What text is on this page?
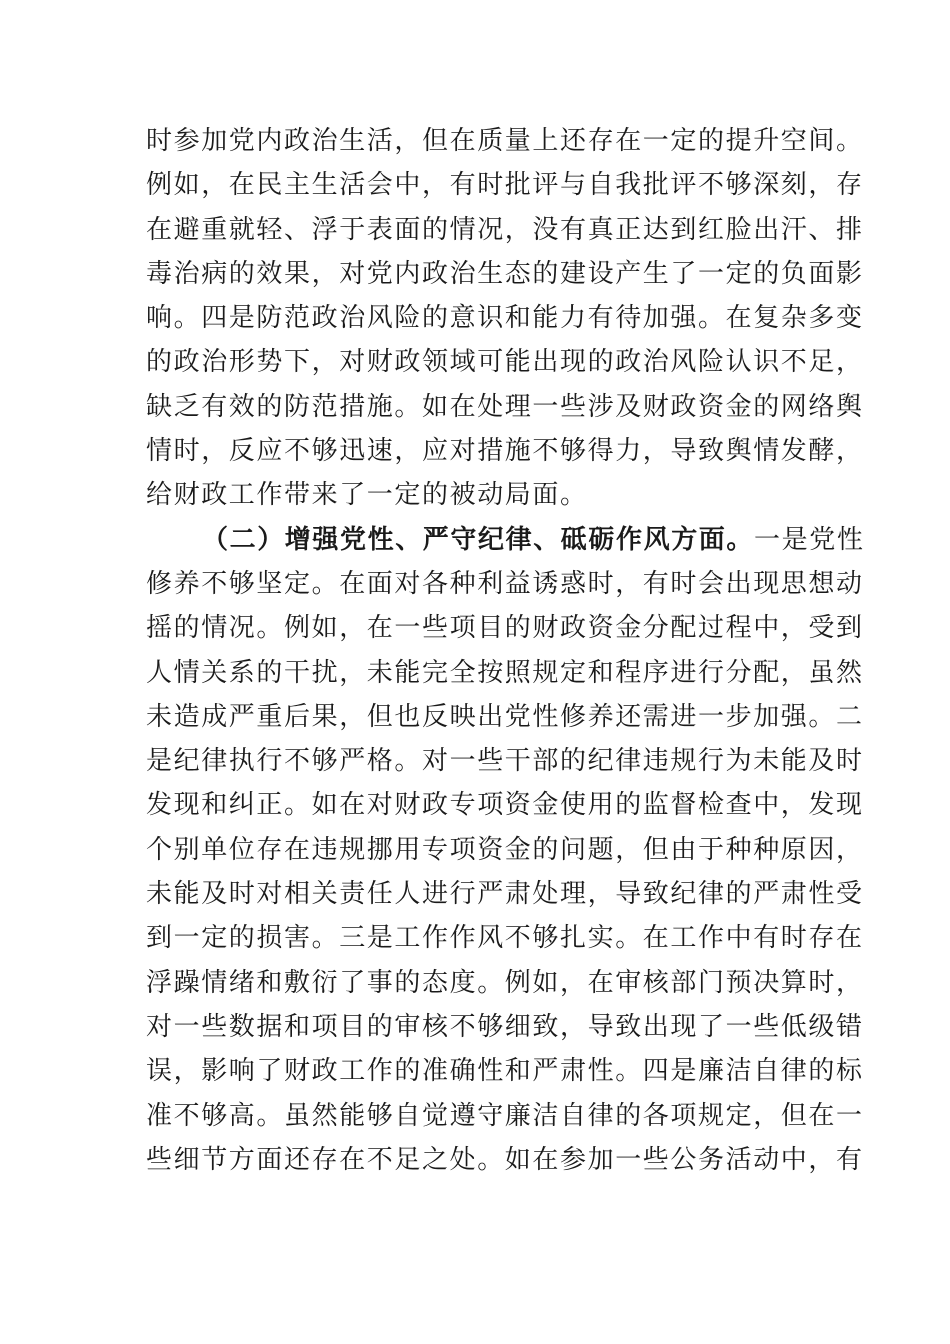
时参加党内政治生活，但在质量上还存在一定的提升空间。
例如，在民主生活会中，有时批评与自我批评不够深刻，存
在避重就轻、浮于表面的情况，没有真正达到红脸出汗、排
毒治病的效果，对党内政治生态的建设产生了一定的负面影
响。四是防范政治风险的意识和能力有待加强。在复杂多变
的政治形势下，对财政领域可能出现的政治风险认识不足，
缺乏有效的防范措施。如在处理一些涉及财政资金的网络舆
情时，反应不够迅速，应对措施不够得力，导致舆情发酵，
给财政工作带来了一定的被动局面。
（二）增强党性、严守纪律、砥砺作风方面。一是党性
修养不够坚定。在面对各种利益诱惑时，有时会出现思想动
摇的情况。例如，在一些项目的财政资金分配过程中，受到
人情关系的干扰，未能完全按照规定和程序进行分配，虽然
未造成严重后果，但也反映出党性修养还需进一步加强。二
是纪律执行不够严格。对一些干部的纪律违规行为未能及时
发现和纠正。如在对财政专项资金使用的监督检查中，发现
个别单位存在违规挪用专项资金的问题，但由于种种原因，
未能及时对相关责任人进行严肃处理，导致纪律的严肃性受
到一定的损害。三是工作作风不够扎实。在工作中有时存在
浮躁情绪和敷衍了事的态度。例如，在审核部门预决算时，
对一些数据和项目的审核不够细致，导致出现了一些低级错
误，影响了财政工作的准确性和严肃性。四是廉洁自律的标
准不够高。虽然能够自觉遵守廉洁自律的各项规定，但在一
些细节方面还存在不足之处。如在参加一些公务活动中，有
